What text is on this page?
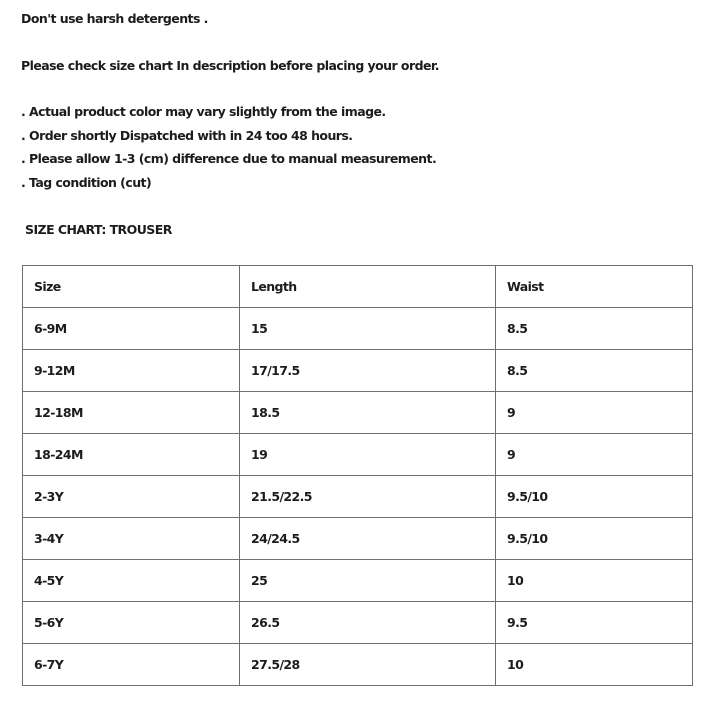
Don't use harsh detergents .
Please check size chart In description before placing your order.
. Actual product color may vary slightly from the image.
. Order shortly Dispatched with in 24 too 48 hours.
. Please allow 1-3 (cm) difference due to manual measurement.
. Tag condition (cut)
SIZE CHART: TROUSER
Size	Length	Waist
6-9M	15	8.5
9-12M	17/17.5	8.5
12-18M	18.5	9
18-24M	19	9
2-3Y	21.5/22.5	9.5/10
3-4Y	24/24.5	9.5/10
4-5Y	25	10
5-6Y	26.5	9.5
6-7Y	27.5/28	10
